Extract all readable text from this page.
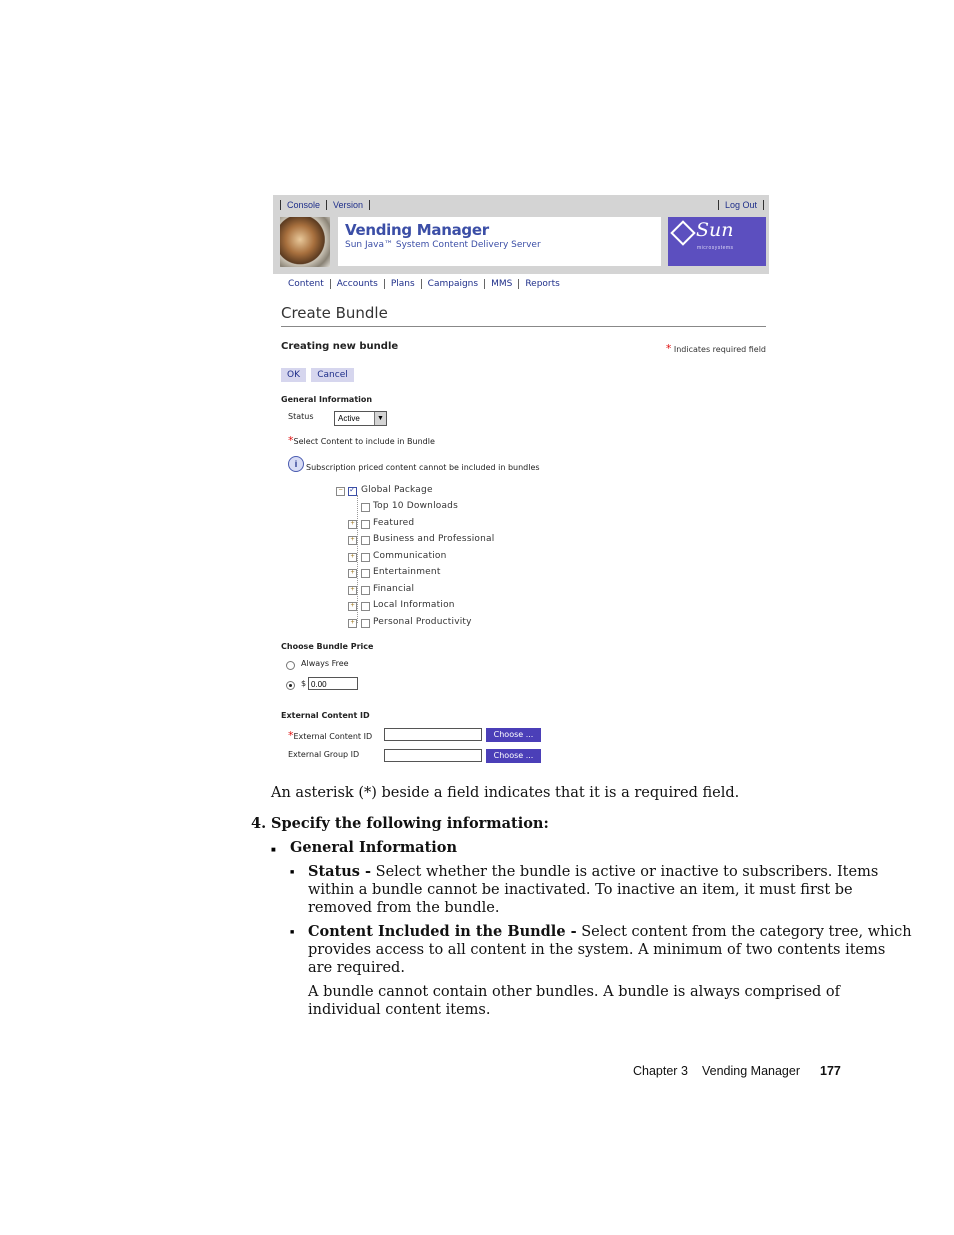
Console Version	Log Out
Vending Manager
Sun Java™ System Content Delivery Server
Sun
microsystems
Content Accounts Plans Campaigns MMS Reports
Create Bundle
Creating new bundle	* Indicates required field
OK	Cancel
General Information
Status	Active	▼
*Select Content to include in Bundle
i	Subscription priced content cannot be included in bundles
−
✓ Global Package
Top 10 Downloads
+ Featured
+ Business and Professional
+ Communication
+ Entertainment
+ Financial
+ Local Information
+ Personal Productivity
Choose Bundle Price
Always Free
$ 0.00
External Content ID
*External Content ID	Choose ...
External Group ID	Choose ...
An asterisk (*) beside a field indicates that it is a required field.
4. Specify the following information:
■ General Information
■ Status - Select whether the bundle is active or inactive to subscribers. Items
within a bundle cannot be inactivated. To inactive an item, it must first be
removed from the bundle.
■ Content Included in the Bundle - Select content from the category tree, which
provides access to all content in the system. A minimum of two contents items
are required.
A bundle cannot contain other bundles. A bundle is always comprised of
individual content items.
Chapter 3 Vending Manager 177
